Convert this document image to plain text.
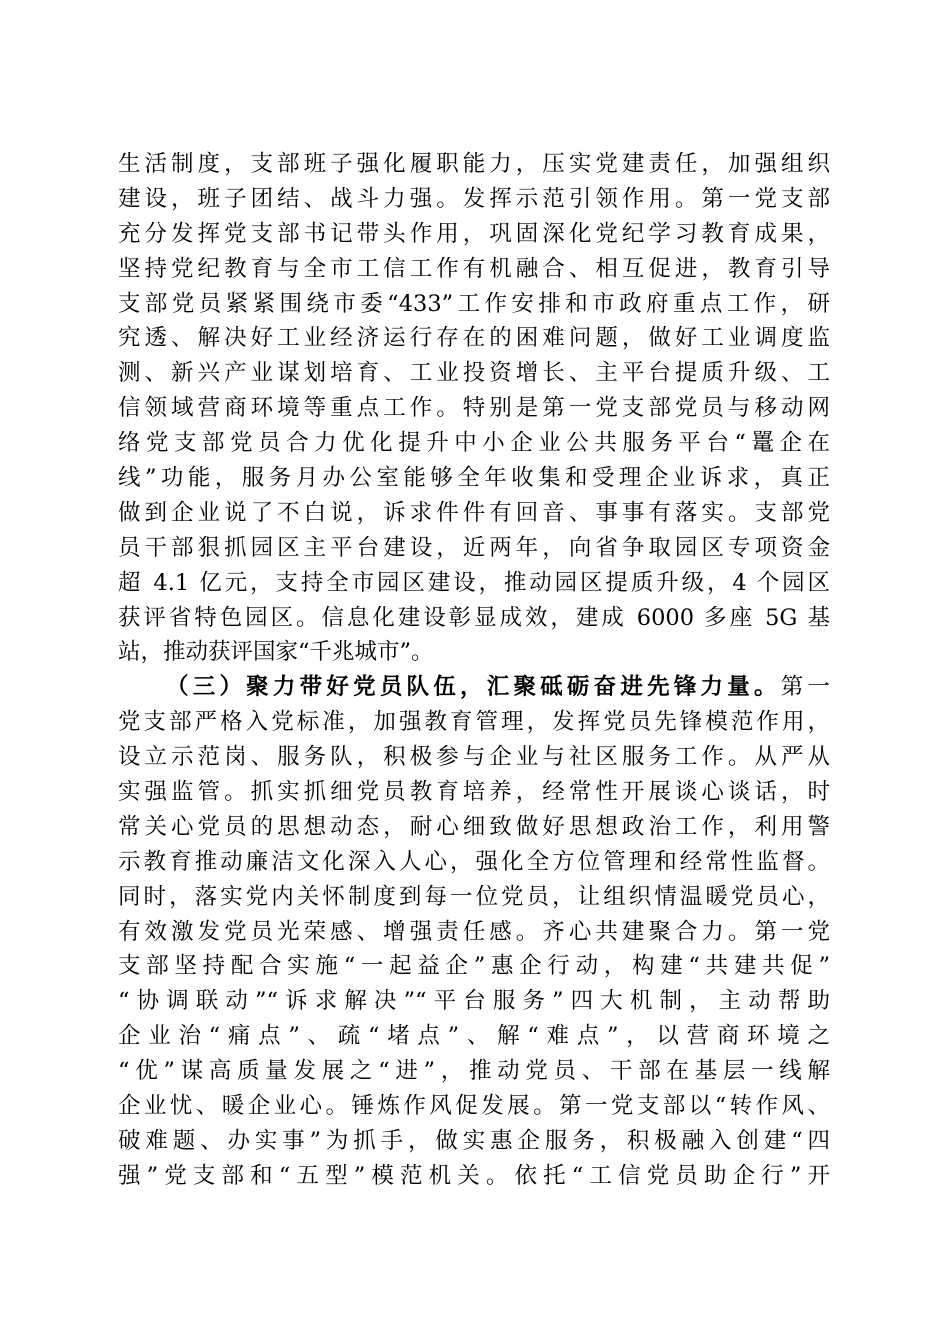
生活制度，支部班子强化履职能力，压实党建责任，加强组织
建设，班子团结、战斗力强。发挥示范引领作用。第一党支部
充分发挥党支部书记带头作用，巩固深化党纪学习教育成果，
坚持党纪教育与全市工信工作有机融合、相互促进，教育引导
支部党员紧紧围绕市委“433”工作安排和市政府重点工作，研
究透、解决好工业经济运行存在的困难问题，做好工业调度监
测、新兴产业谋划培育、工业投资增长、主平台提质升级、工
信领域营商环境等重点工作。特别是第一党支部党员与移动网
络党支部党员合力优化提升中小企业公共服务平台“鼍企在
线”功能，服务月办公室能够全年收集和受理企业诉求，真正
做到企业说了不白说，诉求件件有回音、事事有落实。支部党
员干部狠抓园区主平台建设，近两年，向省争取园区专项资金
超 4.1 亿元，支持全市园区建设，推动园区提质升级，4 个园区
获评省特色园区。信息化建设彰显成效，建成 6000 多座 5G 基
站，推动获评国家“千兆城市”。
（三）聚力带好党员队伍，汇聚砥砺奋进先锋力量。第一
党支部严格入党标准，加强教育管理，发挥党员先锋模范作用，
设立示范岗、服务队，积极参与企业与社区服务工作。从严从
实强监管。抓实抓细党员教育培养，经常性开展谈心谈话，时
常关心党员的思想动态，耐心细致做好思想政治工作，利用警
示教育推动廉洁文化深入人心，强化全方位管理和经常性监督。
同时，落实党内关怀制度到每一位党员，让组织情温暖党员心，
有效激发党员光荣感、增强责任感。齐心共建聚合力。第一党
支部坚持配合实施“一起益企”惠企行动，构建“共建共促”
“协调联动”“诉求解决”“平台服务”四大机制，主动帮助
企业治“痛点”、疏“堵点”、解“难点”，以营商环境之
“优”谋高质量发展之“进”，推动党员、干部在基层一线解
企业忧、暖企业心。锤炼作风促发展。第一党支部以“转作风、
破难题、办实事”为抓手，做实惠企服务，积极融入创建“四
强”党支部和“五型”模范机关。依托“工信党员助企行”开
